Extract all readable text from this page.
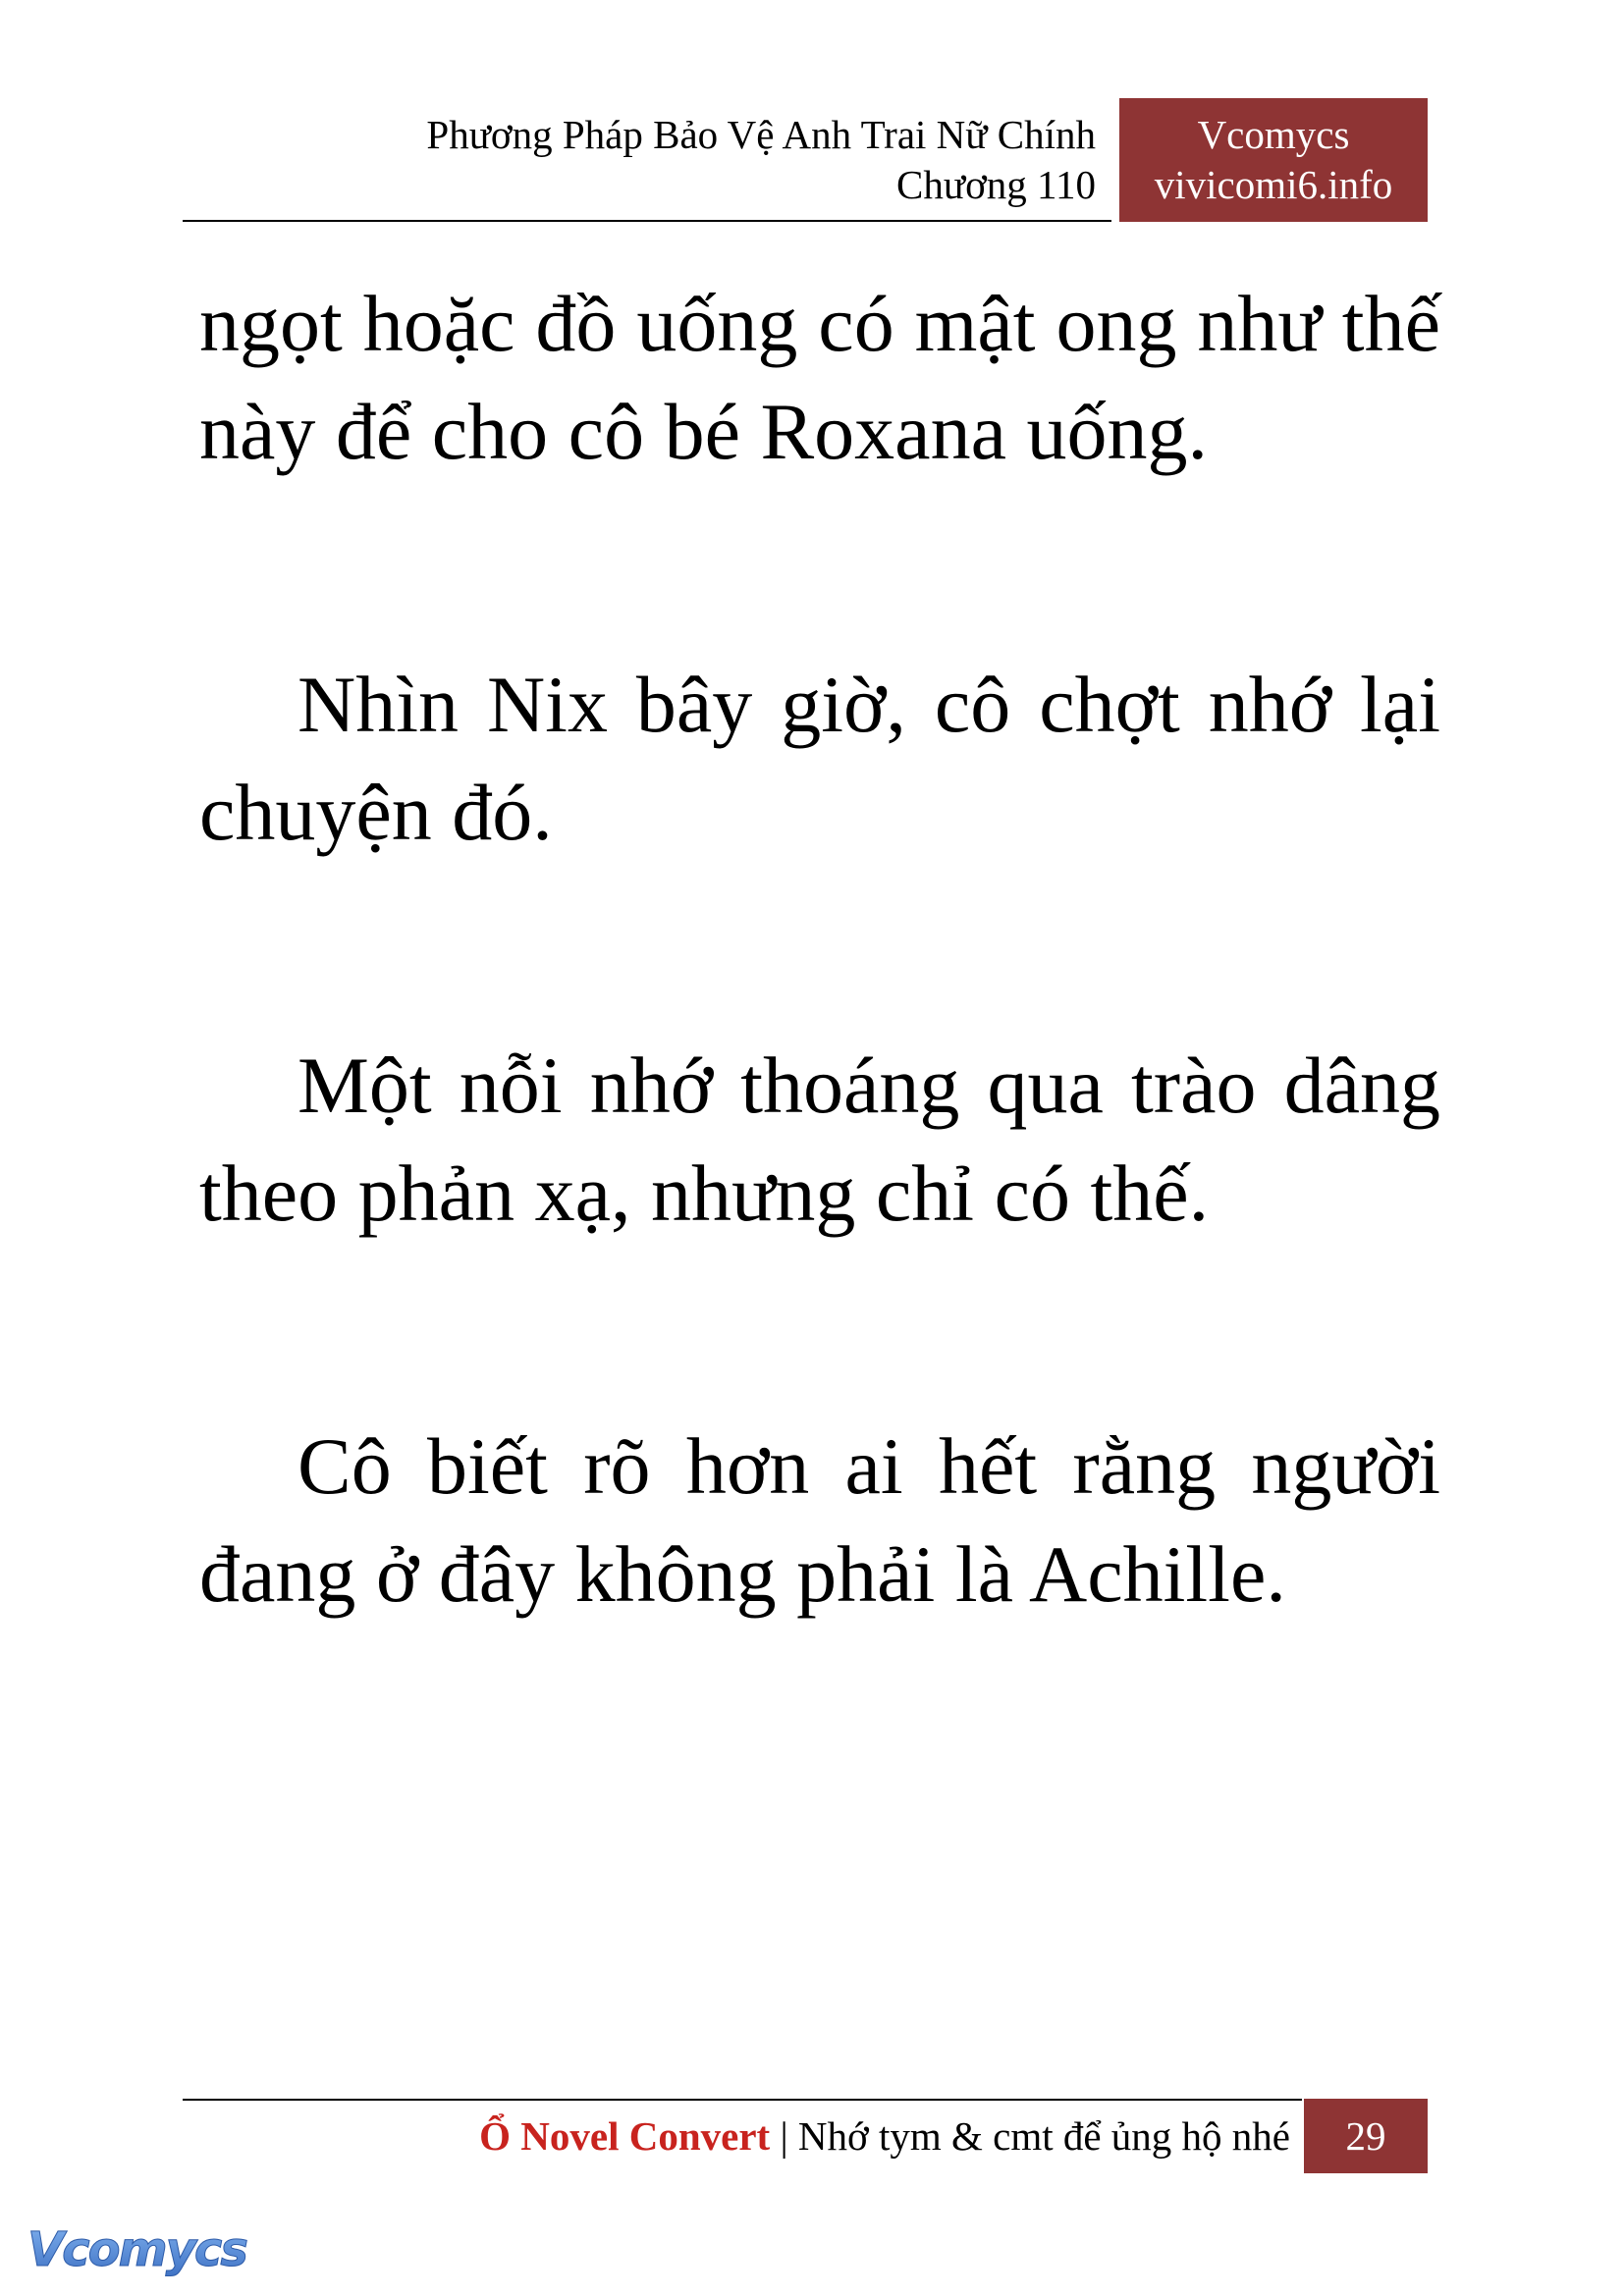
Phương Pháp Bảo Vệ Anh Trai Nữ Chính
Chương 110
Vcomycs
vivicomi6.info

ngọt hoặc đồ uống có mật ong như thế này để cho cô bé Roxana uống.

Nhìn Nix bây giờ, cô chợt nhớ lại chuyện đó.

Một nỗi nhớ thoáng qua trào dâng theo phản xạ, nhưng chỉ có thế.

Cô biết rõ hơn ai hết rằng người đang ở đây không phải là Achille.

Ổ Novel Convert | Nhớ tym & cmt để ủng hộ nhé	29
Vcomycs
